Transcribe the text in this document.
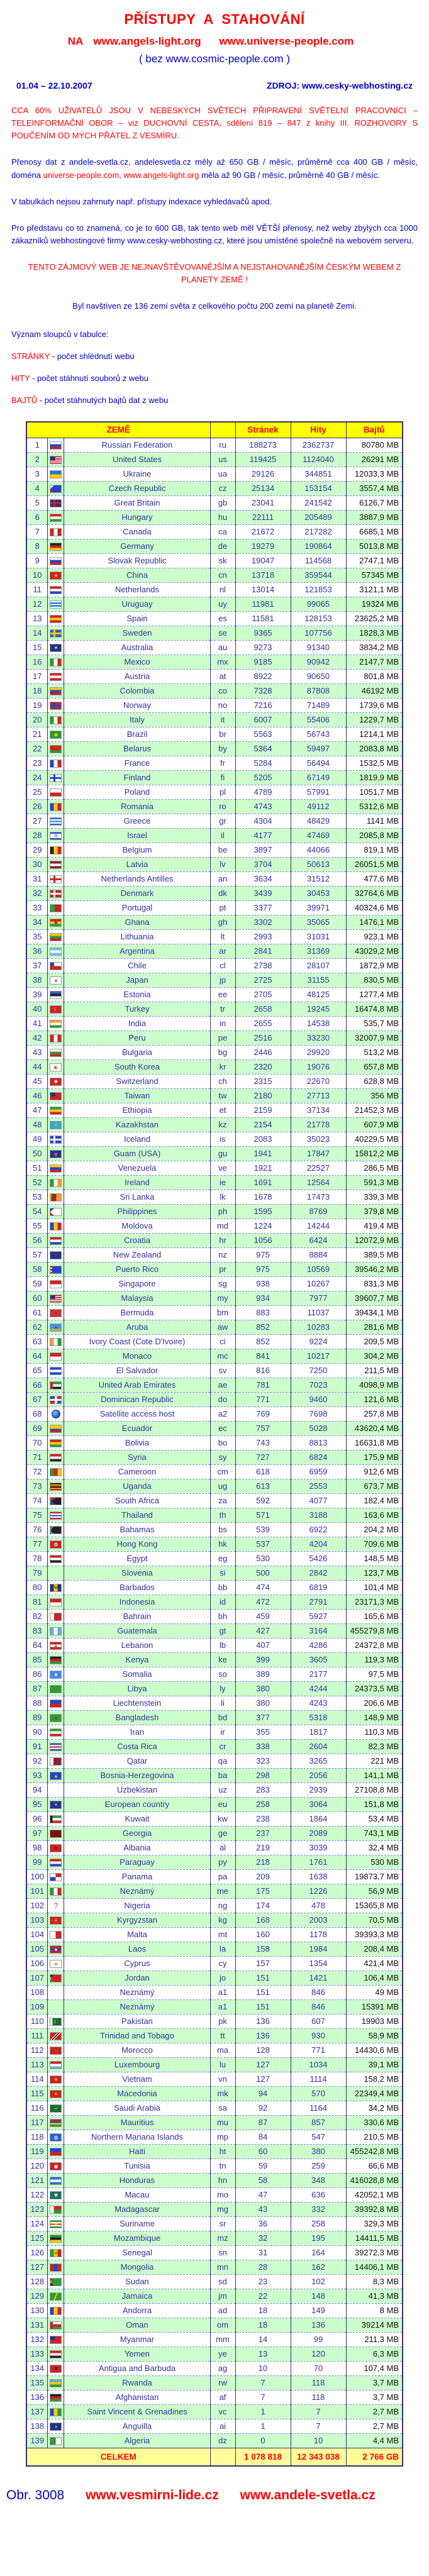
PŘÍSTUPY  A  STAHOVÁNÍ
NA www.angels-light.org www.universe-people.com
( bez www.cosmic-people.com )
01.04 – 22.10.2007	ZDROJ: www.cesky-webhosting.cz
CCA 60% UŽIVATELŮ JSOU V NEBESKÝCH SVĚTECH PŘIPRAVENÍ SVĚTELNÍ PRACOVNÍCI – TELEINFORMAČNÍ OBOR – viz DUCHOVNÍ CESTA, sdělení 819 – 847 z knihy III. ROZHOVORY S POUČENÍM OD MÝCH PŘÁTEL Z VESMÍRU.
Přenosy dat z andele-svetla.cz, andelesvetla.cz měly až 650 GB / měsíc, průměrně cca 400 GB / měsíc, doména universe-people.com, www.angels-light.org měla až 90 GB / měsíc, průměrně 40 GB / měsíc.
V tabulkách nejsou zahrnuty např. přístupy indexace vyhledávačů apod.
Pro představu co to znamená, co je to 600 GB, tak tento web měl VĚTŠÍ přenosy, než weby zbylých cca 1000 zákazníků webhostingové firmy www.cesky-webhosting.cz, které jsou umístěné společně na webovém serveru.
TENTO ZÁJMOVÝ WEB JE NEJNAVŠTĚVOVANĚJŠÍM A NEJSTAHOVANĚJŠÍM ČESKÝM WEBEM Z PLANETY ZEMĚ !
Byl navštíven ze 136 zemí světa z celkového počtu 200 zemí na planetě Zemi.
Význam sloupců v tabulce:
STRÁNKY - počet shlédnutí webu
HITY - počet stáhnutí souborů z webu
BAJTŮ - počet stáhnutých bajtů dat z webu
ZEMĚ				Stránek	Hity	Bajtů
1		Russian Federation	ru	188273	2362737	80780 MB
2		United States	us	119425	1124040	26291 MB
3		Ukraine	ua	29126	344851	12033,3 MB
4		Czech Republic	cz	25134	153154	3557,4 MB
5		Great Britain	gb	23041	241542	6126,7 MB
6		Hungary	hu	22111	205489	3887,9 MB
7		Canada	ca	21672	217282	6685,1 MB
8		Germany	de	19279	190864	5013,8 MB
9		Slovak Republic	sk	19047	114568	2747,1 MB
10	★	China	cn	13718	359544	57345 MB
11		Netherlands	nl	13014	121853	3121,1 MB
12		Uruguay	uy	11981	99065	19324 MB
13		Spain	es	11581	128153	23625,2 MB
14		Sweden	se	9365	107756	1828,3 MB
15	✶	Australia	au	9273	91340	3834,2 MB
16		Mexico	mx	9185	90942	2147,7 MB
17		Austria	at	8922	90650	801,8 MB
18		Colombia	co	7328	87808	46192 MB
19		Norway	no	7216	71489	1739,6 MB
20		Italy	it	6007	55406	1229,7 MB
21	◆	Brazil	br	5563	56743	1214,1 MB
22		Belarus	by	5364	59497	2083,8 MB
23		France	fr	5284	56494	1532,5 MB
24		Finland	fi	5205	67149	1819,9 MB
25		Poland	pl	4789	57991	1051,7 MB
26		Romania	ro	4743	49112	5312,6 MB
27		Greece	gr	4304	48429	1141 MB
28	✡	Israel	il	4177	47469	2085,8 MB
29		Belgium	be	3897	44066	819,1 MB
30		Latvia	lv	3704	50613	26051,5 MB
31		Netherlands Antilles	an	3634	31512	477,6 MB
32		Denmark	dk	3439	30453	32764,6 MB
33		Portugal	pt	3377	39971	40324,6 MB
34	★	Ghana	gh	3302	35065	1476,1 MB
35		Lithuania	lt	2993	31031	923,1 MB
36		Argentina	ar	2841	31369	43029,2 MB
37		Chile	cl	2738	28107	1872,9 MB
38	●	Japan	jp	2725	31155	830,5 MB
39		Estonia	ee	2705	48125	1277,4 MB
40	☾	Turkey	tr	2658	19245	16474,8 MB
41		India	in	2655	14538	535,7 MB
42		Peru	pe	2516	33230	32007,9 MB
43		Bulgaria	bg	2446	29920	513,2 MB
44	☯	South Korea	kr	2320	19076	657,8 MB
45	✚	Switzerland	ch	2315	22670	628,8 MB
46		Taiwan	tw	2180	27713	356 MB
47		Ethiopia	et	2159	37134	21452,3 MB
48	☀	Kazakhstan	kz	2154	21778	607,9 MB
49		Iceland	is	2083	35023	40229,5 MB
50	◉	Guam (USA)	gu	1941	17847	15812,2 MB
51		Venezuela	ve	1921	22527	286,5 MB
52		Ireland	ie	1691	12564	591,3 MB
53		Sri Lanka	lk	1678	17473	339,3 MB
54		Philippines	ph	1595	8769	379,8 MB
55		Moldova	md	1224	14244	419,4 MB
56		Croatia	hr	1056	6424	12072,9 MB
57	✶	New Zealand	nz	975	8884	389,5 MB
58		Puerto Rico	pr	975	10569	39546,2 MB
59		Singapore	sg	938	10267	831,3 MB
60		Malaysia	my	934	7977	39607,7 MB
61	▪	Bermuda	bm	883	11037	39434,1 MB
62	★	Aruba	aw	852	10283	281,6 MB
63		Ivory Coast (Cote D'Ivoire)	ci	852	9224	209,5 MB
64		Monaco	mc	841	10217	304,2 MB
65		El Salvador	sv	816	7250	211,5 MB
66		United Arab Emirates	ae	781	7023	4098,9 MB
67		Dominican Republic	do	771	9460	121,6 MB
68		Satellite access host	a2	769	7698	257,8 MB
69		Ecuador	ec	757	5028	43620,4 MB
70		Bolivia	bo	743	8813	16631,8 MB
71		Syria	sy	727	6824	175,9 MB
72		Cameroon	cm	618	6959	912,6 MB
73		Uganda	ug	613	2553	673,7 MB
74		South Africa	za	592	4077	182,4 MB
75		Thailand	th	571	3188	163,6 MB
76		Bahamas	bs	539	6922	204,2 MB
77	✿	Hong Kong	hk	537	4204	709,6 MB
78		Egypt	eg	530	5426	148,5 MB
79		Slovenia	si	500	2842	123,7 MB
80	Ψ	Barbados	bb	474	6819	101,4 MB
81		Indonesia	id	472	2791	23171,3 MB
82		Bahrain	bh	459	5927	165,6 MB
83		Guatemala	gt	427	3164	455279,8 MB
84	▲	Lebanon	lb	407	4286	24372,8 MB
85		Kenya	ke	399	3605	119,3 MB
86	★	Somalia	so	389	2177	97,5 MB
87		Libya	ly	380	4244	24373,5 MB
88		Liechtenstein	li	380	4243	206,6 MB
89	●	Bangladesh	bd	377	5318	148,9 MB
90		Iran	ir	355	1817	110,3 MB
91		Costa Rica	cr	338	2604	82,3 MB
92		Qatar	qa	323	3265	221 MB
93	▲	Bosnia-Herzegovina	ba	298	2056	141,1 MB
94		Uzbekistan	uz	283	2939	27108,8 MB
95	✶	European country	eu	258	3064	151,8 MB
96		Kuwait	kw	238	1864	53,4 MB
97	▪	Georgia	ge	237	2089	743,1 MB
98	✦	Albania	al	219	3039	32,4 MB
99		Paraguay	py	218	1761	530 MB
100		Panama	pa	209	1638	19873,7 MB
101		Neznámý	me	175	1226	56,9 MB
102	?	Nigeria	ng	174	478	15365,8 MB
103	☀	Kyrgyzstan	kg	168	2003	70,5 MB
104		Malta	mt	160	1178	39393,3 MB
105	●	Laos	la	158	1984	208,4 MB
106	▰	Cyprus	cy	157	1354	421,4 MB
107		Jordan	jo	151	1421	106,4 MB
108		Neznámý	a1	151	846	49 MB
109		Neznámý	a1	151	846	15391 MB
110	☾	Pakistan	pk	136	607	19903 MB
111		Trinidad and Tobago	tt	136	930	58,9 MB
112	✶	Morocco	ma	128	771	14430,6 MB
113		Luxembourg	lu	127	1034	39,1 MB
114	★	Vietnam	vn	127	1114	158,2 MB
115	☀	Macedonia	mk	94	570	22349,4 MB
116	∼	Saudi Arabia	sa	92	1164	34,2 MB
117		Mauritius	mu	87	857	330,6 MB
118	◍	Northern Mariana Islands	mp	84	547	210,5 MB
119		Haiti	ht	60	380	455242,8 MB
120	◉	Tunisia	tn	59	259	66,6 MB
121		Honduras	hn	58	348	416028,8 MB
122	✾	Macau	mo	47	636	42052,1 MB
123		Madagascar	mg	43	332	39392,8 MB
124	★	Suriname	sr	36	258	329,3 MB
125		Mozambique	mz	32	195	14411,5 MB
126	★	Senegal	sn	31	164	39272,3 MB
127		Mongolia	mn	28	162	14406,1 MB
128		Sudan	sd	23	102	8,3 MB
129		Jamaica	jm	22	148	41,3 MB
130		Andorra	ad	18	149	8 MB
131		Oman	om	18	136	39214 MB
132		Myanmar	mm	14	99	211,3 MB
133		Yemen	ye	13	120	6,3 MB
134	▼	Antigua and Barbuda	ag	10	70	107,4 MB
135		Rwanda	rw	7	118	3,7 MB
136		Afghanistan	af	7	118	3,7 MB
137		Saint Vincent & Grenadines	vc	1	7	2,7 MB
138	▪	Anguilla	ai	1	7	2,7 MB
139	☾	Algeria	dz	0	10	4,4 MB
CELKEM				1 078 818	12 343 038	2 766 GB
Obr. 3008 www.vesmirni-lide.cz www.andele-svetla.cz
